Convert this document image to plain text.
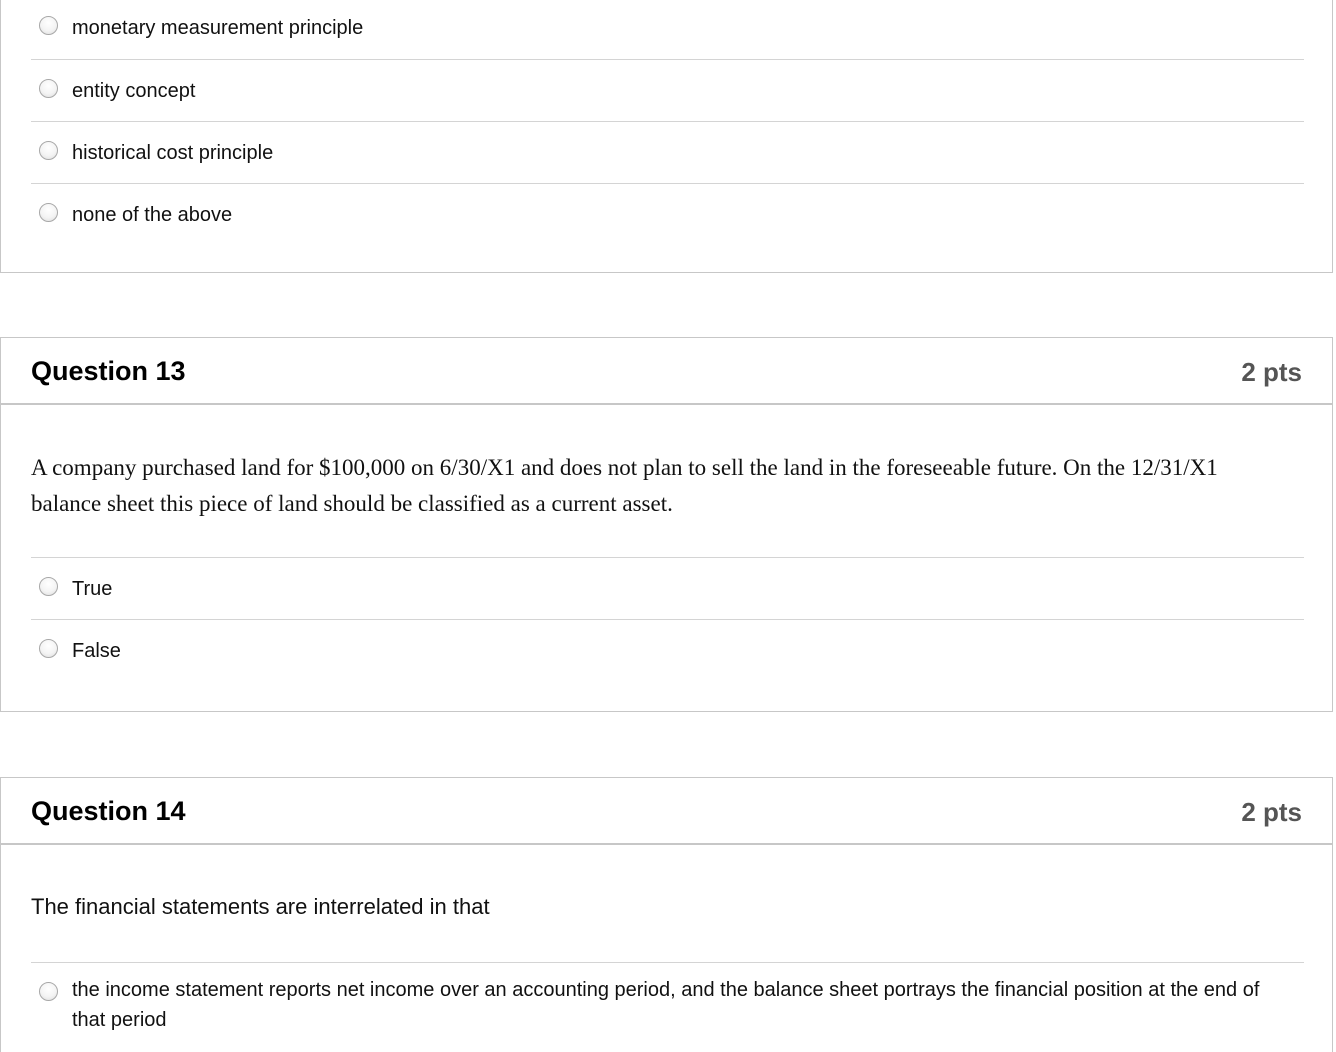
monetary measurement principle
entity concept
historical cost principle
none of the above
Question 13	2 pts
A company purchased land for $100,000 on 6/30/X1 and does not plan to sell the land in the foreseeable future. On the 12/31/X1 balance sheet this piece of land should be classified as a current asset.
True
False
Question 14	2 pts
The financial statements are interrelated in that
the income statement reports net income over an accounting period, and the balance sheet portrays the financial position at the end of that period
